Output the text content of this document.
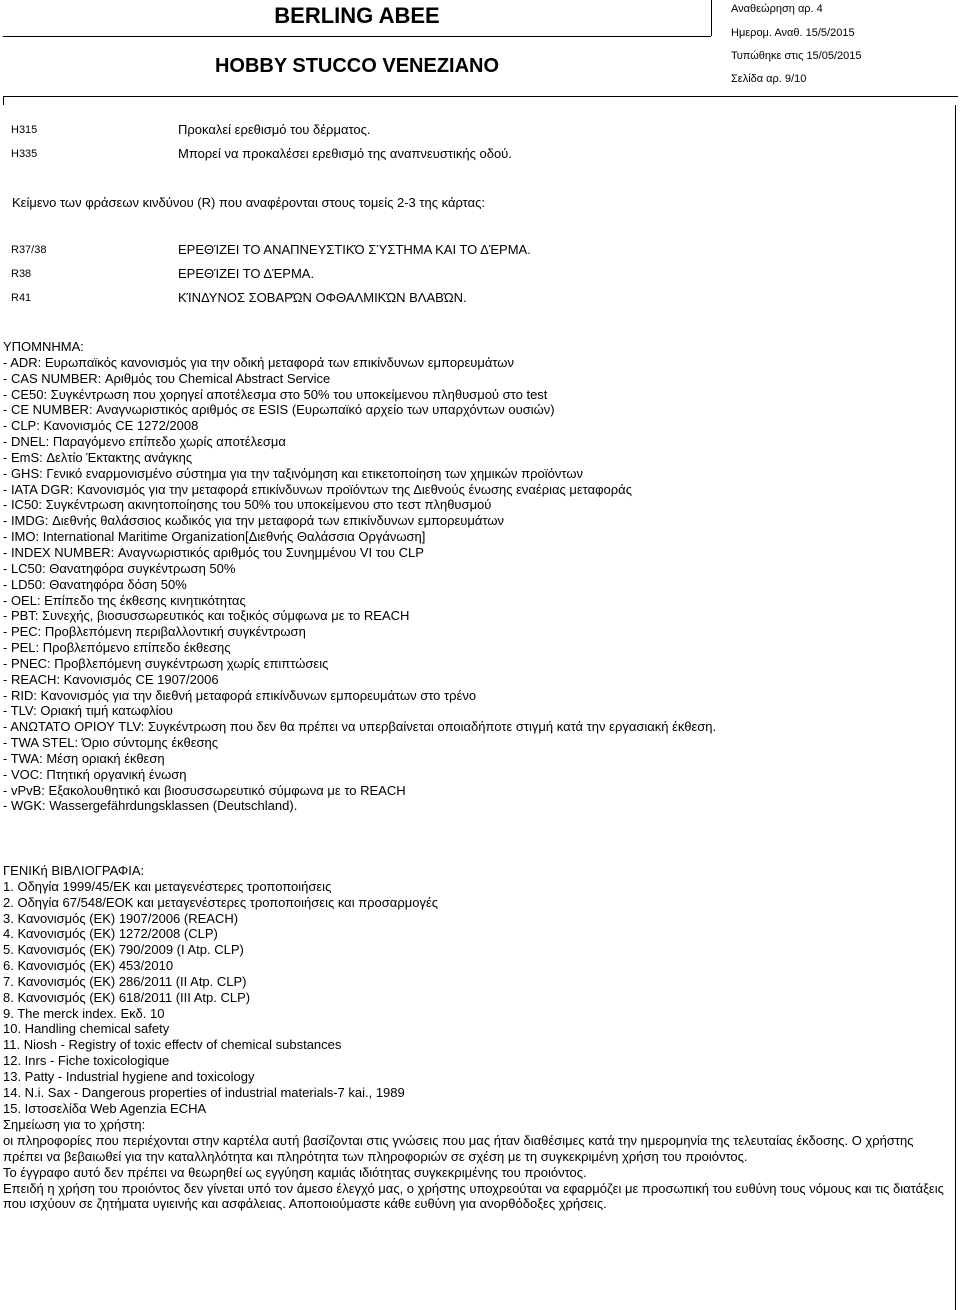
BERLING ABEE
HOBBY STUCCO VENEZIANO
Αναθεώρηση αρ. 4
Ημερομ. Αναθ. 15/5/2015
Τυπώθηκε στις 15/05/2015
Σελίδα αρ. 9/10
H315	Προκαλεί ερεθισμό του δέρματος.
H335	Μπορεί να προκαλέσει ερεθισμό της αναπνευστικής οδού.
Κείμενο των φράσεων κινδύνου (R) που αναφέρονται στους τομείς 2-3 της κάρτας:
R37/38	ΕΡΕΘΊΖΕΙ ΤΟ ΑΝΑΠΝΕΥΣΤΙΚΌ ΣΎΣΤΗΜΑ ΚΑΙ ΤΟ ΔΈΡΜΑ.
R38	ΕΡΕΘΊΖΕΙ ΤΟ ΔΈΡΜΑ.
R41	ΚΊΝΔΥΝΟΣ ΣΟΒΑΡΏΝ ΟΦΘΑΛΜΙΚΏΝ ΒΛΑΒΏΝ.
ΥΠΟΜΝΗΜΑ:
- ADR: Ευρωπαϊκός κανονισμός για την οδική μεταφορά των επικίνδυνων εμπορευμάτων
- CAS NUMBER: Αριθμός του Chemical Abstract Service
- CE50: Συγκέντρωση που χορηγεί αποτέλεσμα στο 50% του υποκείμενου πληθυσμού στο test
- CE NUMBER: Αναγνωριστικός αριθμός σε ESIS (Ευρωπαϊκό αρχείο των υπαρχόντων ουσιών)
- CLP: Κανονισμός CE 1272/2008
- DNEL: Παραγόμενο επίπεδο χωρίς αποτέλεσμα
- EmS: Δελτίο Έκτακτης ανάγκης
- GHS: Γενικό εναρμονισμένο σύστημα για την ταξινόμηση και ετικετοποίηση των χημικών προϊόντων
- IATA DGR: Κανονισμός για την μεταφορά επικίνδυνων προϊόντων της Διεθνούς ένωσης εναέριας μεταφοράς
- IC50: Συγκέντρωση ακινητοποίησης του 50% του υποκείμενου στο τεστ πληθυσμού
- IMDG: Διεθνής θαλάσσιος κωδικός για την μεταφορά των επικίνδυνων εμπορευμάτων
- IMO: International Maritime Organization[Διεθνής Θαλάσσια Οργάνωση]
- INDEX NUMBER: Αναγνωριστικός αριθμός του Συνημμένου VI του CLP
- LC50: Θανατηφόρα συγκέντρωση 50%
- LD50: Θανατηφόρα δόση 50%
- OEL: Επίπεδο της έκθεσης κινητικότητας
- PBT: Συνεχής, βιοσυσσωρευτικός και τοξικός σύμφωνα με το REACH
- PEC: Προβλεπόμενη περιβαλλοντική συγκέντρωση
- PEL: Προβλεπόμενο επίπεδο έκθεσης
- PNEC: Προβλεπόμενη συγκέντρωση χωρίς επιπτώσεις
- REACH: Κανονισμός CE 1907/2006
- RID: Κανονισμός για την διεθνή μεταφορά επικίνδυνων εμπορευμάτων στο τρένο
- TLV: Οριακή τιμή κατωφλίου
- ΑΝΩΤΑΤΟ ΟΡΙΟΥ TLV: Συγκέντρωση που δεν θα πρέπει να υπερβαίνεται οποιαδήποτε στιγμή κατά την εργασιακή έκθεση.
- TWA STEL: Όριο σύντομης έκθεσης
- TWA: Μέση οριακή έκθεση
- VOC: Πτητική οργανική ένωση
- vPvB: Εξακολουθητικό και βιοσυσσωρευτικό σύμφωνα με το REACH
- WGK: Wassergefährdungsklassen (Deutschland).
ΓΕΝΙΚή ΒΙΒΛΙΟΓΡΑΦΙΑ:
1. Οδηγία 1999/45/ΕΚ και μεταγενέστερες τροποποιήσεις
2. Οδηγία 67/548/ΕΟΚ και μεταγενέστερες τροποποιήσεις και προσαρμογές
3. Κανονισμός (ΕΚ) 1907/2006 (REACH)
4. Κανονισμός (ΕΚ) 1272/2008 (CLP)
5. Κανονισμός (ΕΚ) 790/2009 (I Atp. CLP)
6. Κανονισμός (ΕΚ) 453/2010
7. Κανονισμός (ΕΚ) 286/2011 (II Atp. CLP)
8. Κανονισμός (ΕΚ) 618/2011 (III Atp. CLP)
9. The merck index. Εκδ. 10
10. Handling chemical safety
11. Niosh - Registry of toxic effectv of chemical substances
12. Inrs - Fiche toxicologique
13. Patty - Industrial hygiene and toxicology
14. N.i. Sax - Dangerous properties of industrial materials-7 kai., 1989
15. Ιστοσελίδα Web Agenzia ECHA
Σημείωση για το χρήστη:
οι πληροφορίες που περιέχονται στην καρτέλα αυτή βασίζονται στις γνώσεις που μας ήταν διαθέσιμες κατά την ημερομηνία της τελευταίας έκδοσης. Ο χρήστης πρέπει να βεβαιωθεί για την καταλληλότητα και πληρότητα των πληροφοριών σε σχέση με τη συγκεκριμένη χρήση του προιόντος.
Το έγγραφο αυτό δεν πρέπει να θεωρηθεί ως εγγύηση καμιάς ιδιότητας συγκεκριμένης του προιόντος.
Επειδή η χρήση του προιόντος δεν γίνεται υπό τον άμεσο έλεγχό μας, ο χρήστης υποχρεούται να εφαρμόζει με προσωπική του ευθύνη τους νόμους και τις διατάξεις που ισχύουν σε ζητήματα υγιεινής και ασφάλειας. Αποποιούμαστε κάθε ευθύνη για ανορθόδοξες χρήσεις.
